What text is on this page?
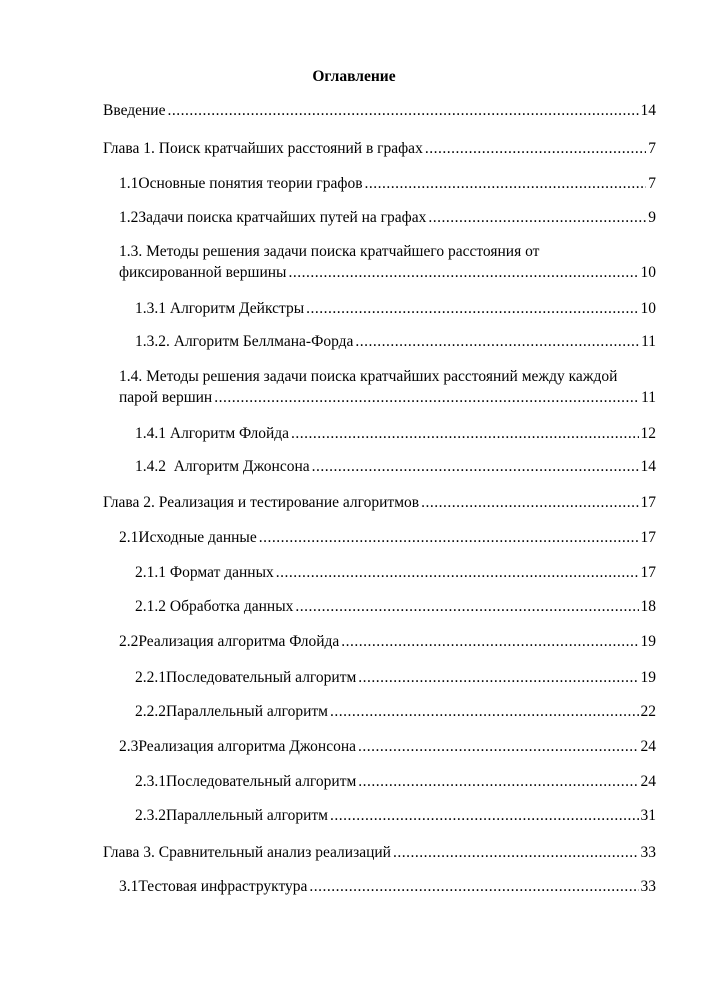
Оглавление
Введение .....	14
Глава 1. Поиск кратчайших расстояний в графах .....	7
1.1 Основные понятия теории графов .....	7
1.2 Задачи поиска кратчайших путей на графах .....	9
1.3. Методы решения задачи поиска кратчайшего расстояния от
фиксированной вершины .....	10
1.3.1 Алгоритм Дейкстры .....	10
1.3.2. Алгоритм Беллмана-Форда .....	11
1.4. Методы решения задачи поиска кратчайших расстояний между каждой
парой вершин .....	11
1.4.1 Алгоритм Флойда .....	12
1.4.2  Алгоритм Джонсона .....	14
Глава 2. Реализация и тестирование алгоритмов .....	17
2.1 Исходные данные .....	17
2.1.1 Формат данных .....	17
2.1.2 Обработка данных .....	18
2.2 Реализация алгоритма Флойда .....	19
2.2.1 Последовательный алгоритм .....	19
2.2.2 Параллельный алгоритм .....	22
2.3 Реализация алгоритма Джонсона .....	24
2.3.1 Последовательный алгоритм .....	24
2.3.2 Параллельный алгоритм .....	31
Глава 3. Сравнительный анализ реализаций .....	33
3.1 Тестовая инфраструктура .....	33
